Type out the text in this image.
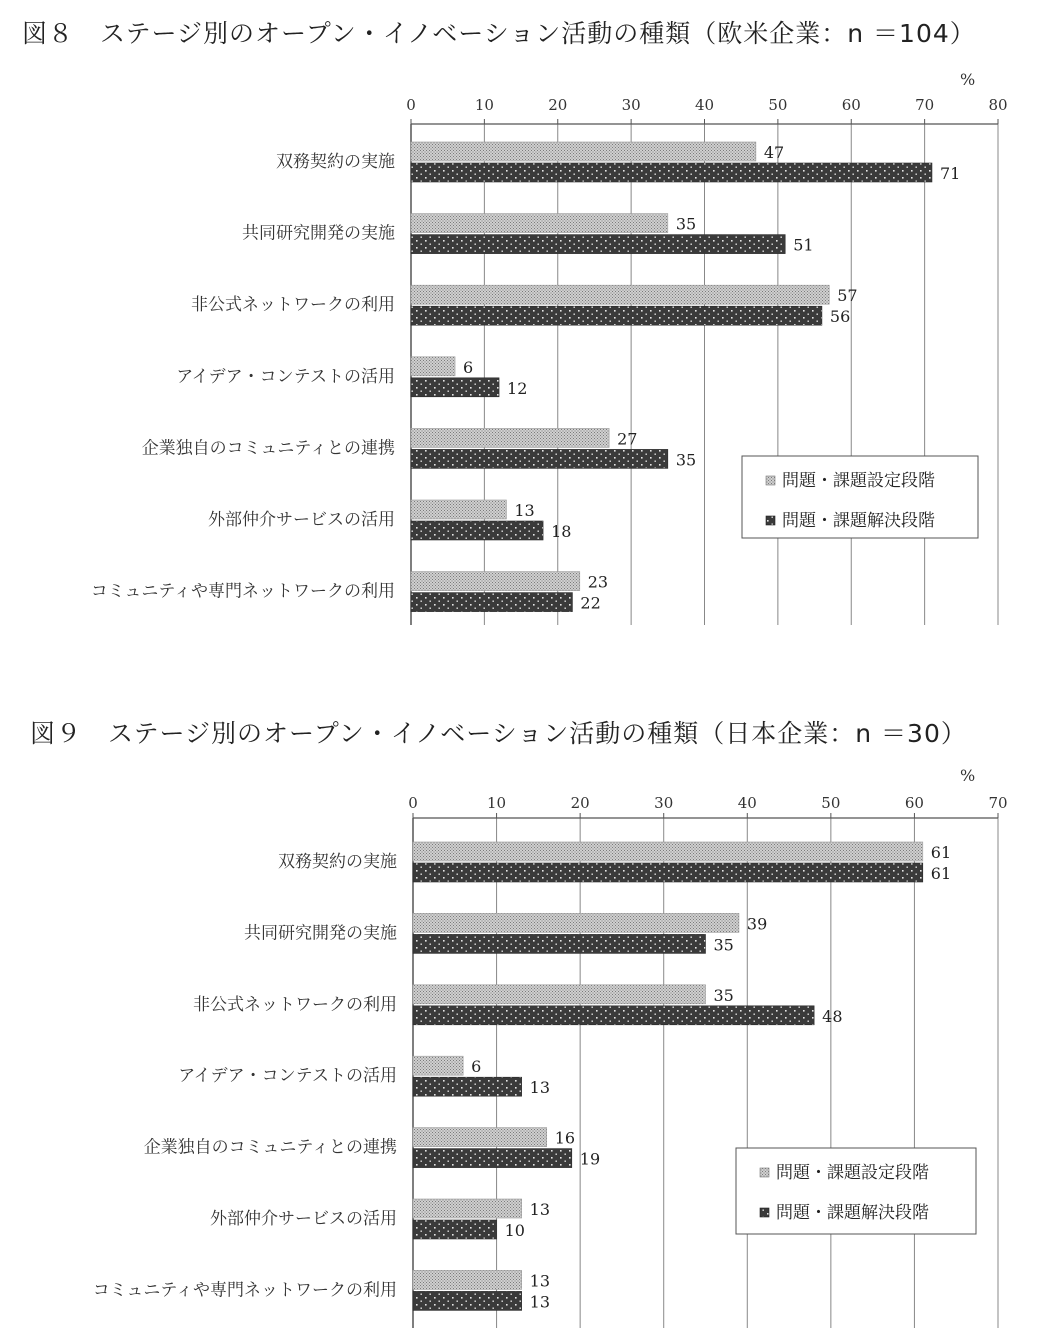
図８　ステージ別のオープン・イノベーション活動の種類（欧米企業：n ＝104）
%
0	10	20	30	40	50	60	70	80
双務契約の実施	47
71
共同研究開発の実施	35
51
非公式ネットワークの利用	57
56
アイデア・コンテストの活用	6
12
企業独自のコミュニティとの連携	27
35
外部仲介サービスの活用	13
18
コミュニティや専門ネットワークの利用	23
22
問題・課題設定段階
問題・課題解決段階
図９　ステージ別のオープン・イノベーション活動の種類（日本企業：n ＝30）
%
0	10	20	30	40	50	60	70
双務契約の実施	61
61
共同研究開発の実施	39
35
非公式ネットワークの利用	35
48
アイデア・コンテストの活用	6
13
企業独自のコミュニティとの連携	16
19
外部仲介サービスの活用	13
10
コミュニティや専門ネットワークの利用	13
13
問題・課題設定段階
問題・課題解決段階
